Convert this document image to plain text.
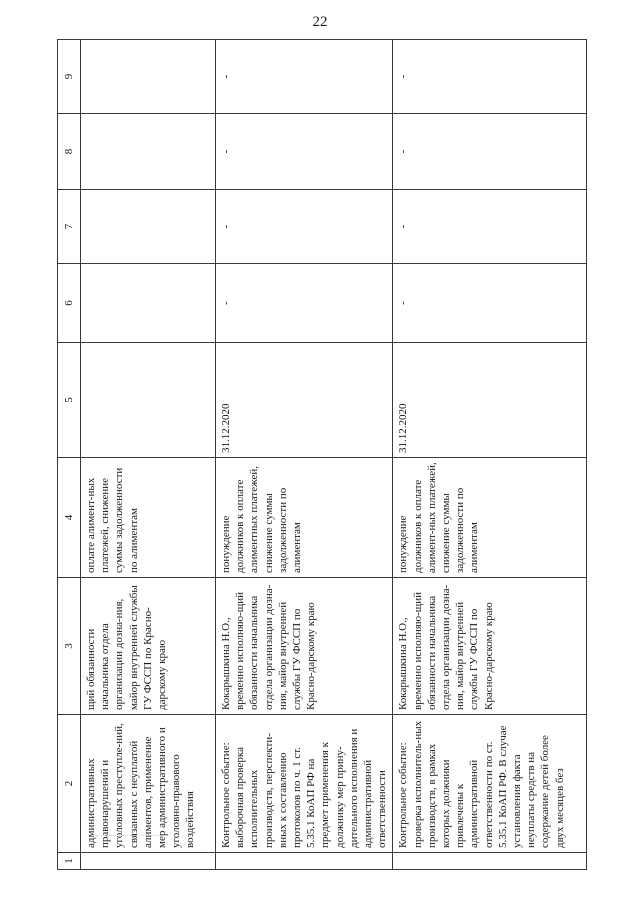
22
1	2	3	4	5	6	7	8	9
	административных правонарушений и уголовных преступле-ний, связанных с неуплатой алиментов, применение мер административного и уголовно-правового воздействия	щий обязанности начальника отдела организации дозна-ния, майор внутренней службы ГУ ФССП по Красно-дарскому краю	оплате алимент-ных платежей, снижение суммы задолженности по алиментам					
	Контрольное событие: выборочная проверка исполнительных производств, перспекти-вных к составлению протоколов по ч. 1 ст. 5.35.1 КоАП РФ на предмет применения к должнику мер прину-дительного исполнения и административной ответственности	Кокарышкина Н.О., временно исполняю-щий обязанности начальника отдела организации дозна-ния, майор внутренней службы ГУ ФССП по Красно-дарскому краю	понуждение должников к оплате алиментных платежей, снижение суммы задолженности по алиментам	31.12.2020	-	-	-	-
	Контрольное событие: проверка исполнитель-ных производств, в рамках которых должники привлечены к административной ответственности по ст. 5.35.1 КоАП РФ. В случае установления факта неуплаты средств на содержание детей более двух месяцев без	Кокарышкина Н.О., временно исполняю-щий обязанности начальника отдела организации дозна-ния, майор внутренней службы ГУ ФССП по Красно-дарскому краю	понуждение должников к оплате алимент-ных платежей, снижение суммы задолженности по алиментам	31.12.2020	-	-	-	-
